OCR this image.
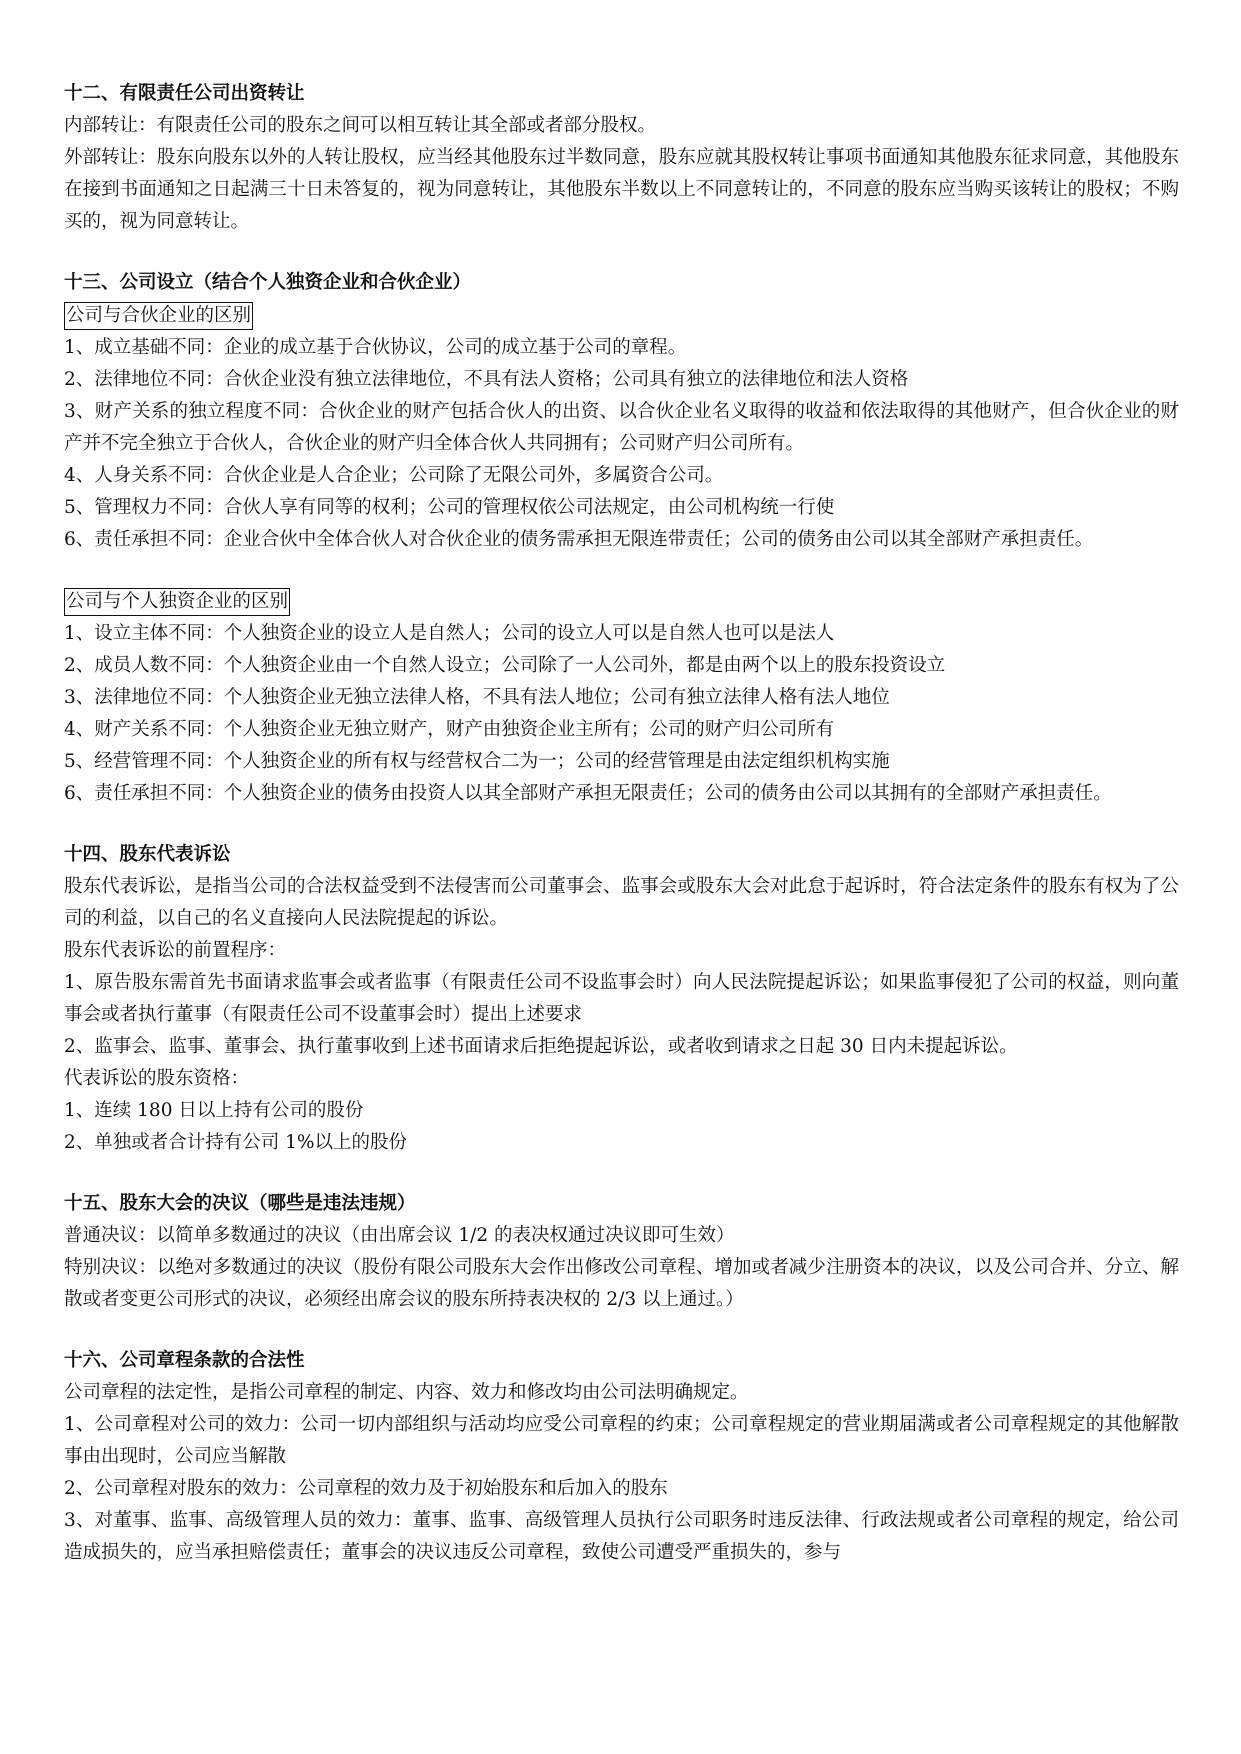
十二、有限责任公司出资转让

内部转让：有限责任公司的股东之间可以相互转让其全部或者部分股权。

外部转让：股东向股东以外的人转让股权，应当经其他股东过半数同意，股东应就其股权转让事项书面通知其他股东征求同意，其他股东在接到书面通知之日起满三十日未答复的，视为同意转让，其他股东半数以上不同意转让的，不同意的股东应当购买该转让的股权；不购买的，视为同意转让。

十三、公司设立（结合个人独资企业和合伙企业）

公司与合伙企业的区别

1、成立基础不同：企业的成立基于合伙协议，公司的成立基于公司的章程。

2、法律地位不同：合伙企业没有独立法律地位，不具有法人资格；公司具有独立的法律地位和法人资格

3、财产关系的独立程度不同：合伙企业的财产包括合伙人的出资、以合伙企业名义取得的收益和依法取得的其他财产，但合伙企业的财产并不完全独立于合伙人，合伙企业的财产归全体合伙人共同拥有；公司财产归公司所有。

4、人身关系不同：合伙企业是人合企业；公司除了无限公司外，多属资合公司。

5、管理权力不同：合伙人享有同等的权利；公司的管理权依公司法规定，由公司机构统一行使

6、责任承担不同：企业合伙中全体合伙人对合伙企业的债务需承担无限连带责任；公司的债务由公司以其全部财产承担责任。

公司与个人独资企业的区别

1、设立主体不同：个人独资企业的设立人是自然人；公司的设立人可以是自然人也可以是法人

2、成员人数不同：个人独资企业由一个自然人设立；公司除了一人公司外，都是由两个以上的股东投资设立

3、法律地位不同：个人独资企业无独立法律人格，不具有法人地位；公司有独立法律人格有法人地位

4、财产关系不同：个人独资企业无独立财产，财产由独资企业主所有；公司的财产归公司所有

5、经营管理不同：个人独资企业的所有权与经营权合二为一；公司的经营管理是由法定组织机构实施

6、责任承担不同：个人独资企业的债务由投资人以其全部财产承担无限责任；公司的债务由公司以其拥有的全部财产承担责任。

十四、股东代表诉讼

股东代表诉讼，是指当公司的合法权益受到不法侵害而公司董事会、监事会或股东大会对此怠于起诉时，符合法定条件的股东有权为了公司的利益，以自己的名义直接向人民法院提起的诉讼。

股东代表诉讼的前置程序：

1、原告股东需首先书面请求监事会或者监事（有限责任公司不设监事会时）向人民法院提起诉讼；如果监事侵犯了公司的权益，则向董事会或者执行董事（有限责任公司不设董事会时）提出上述要求

2、监事会、监事、董事会、执行董事收到上述书面请求后拒绝提起诉讼，或者收到请求之日起 30 日内未提起诉讼。

代表诉讼的股东资格：

1、连续 180 日以上持有公司的股份

2、单独或者合计持有公司 1%以上的股份

十五、股东大会的决议（哪些是违法违规）

普通决议：以简单多数通过的决议（由出席会议 1/2 的表决权通过决议即可生效）

特别决议：以绝对多数通过的决议（股份有限公司股东大会作出修改公司章程、增加或者减少注册资本的决议，以及公司合并、分立、解散或者变更公司形式的决议，必须经出席会议的股东所持表决权的 2/3 以上通过。）

十六、公司章程条款的合法性

公司章程的法定性，是指公司章程的制定、内容、效力和修改均由公司法明确规定。

1、公司章程对公司的效力：公司一切内部组织与活动均应受公司章程的约束；公司章程规定的营业期届满或者公司章程规定的其他解散事由出现时，公司应当解散

2、公司章程对股东的效力：公司章程的效力及于初始股东和后加入的股东

3、对董事、监事、高级管理人员的效力：董事、监事、高级管理人员执行公司职务时违反法律、行政法规或者公司章程的规定，给公司造成损失的，应当承担赔偿责任；董事会的决议违反公司章程，致使公司遭受严重损失的，参与
